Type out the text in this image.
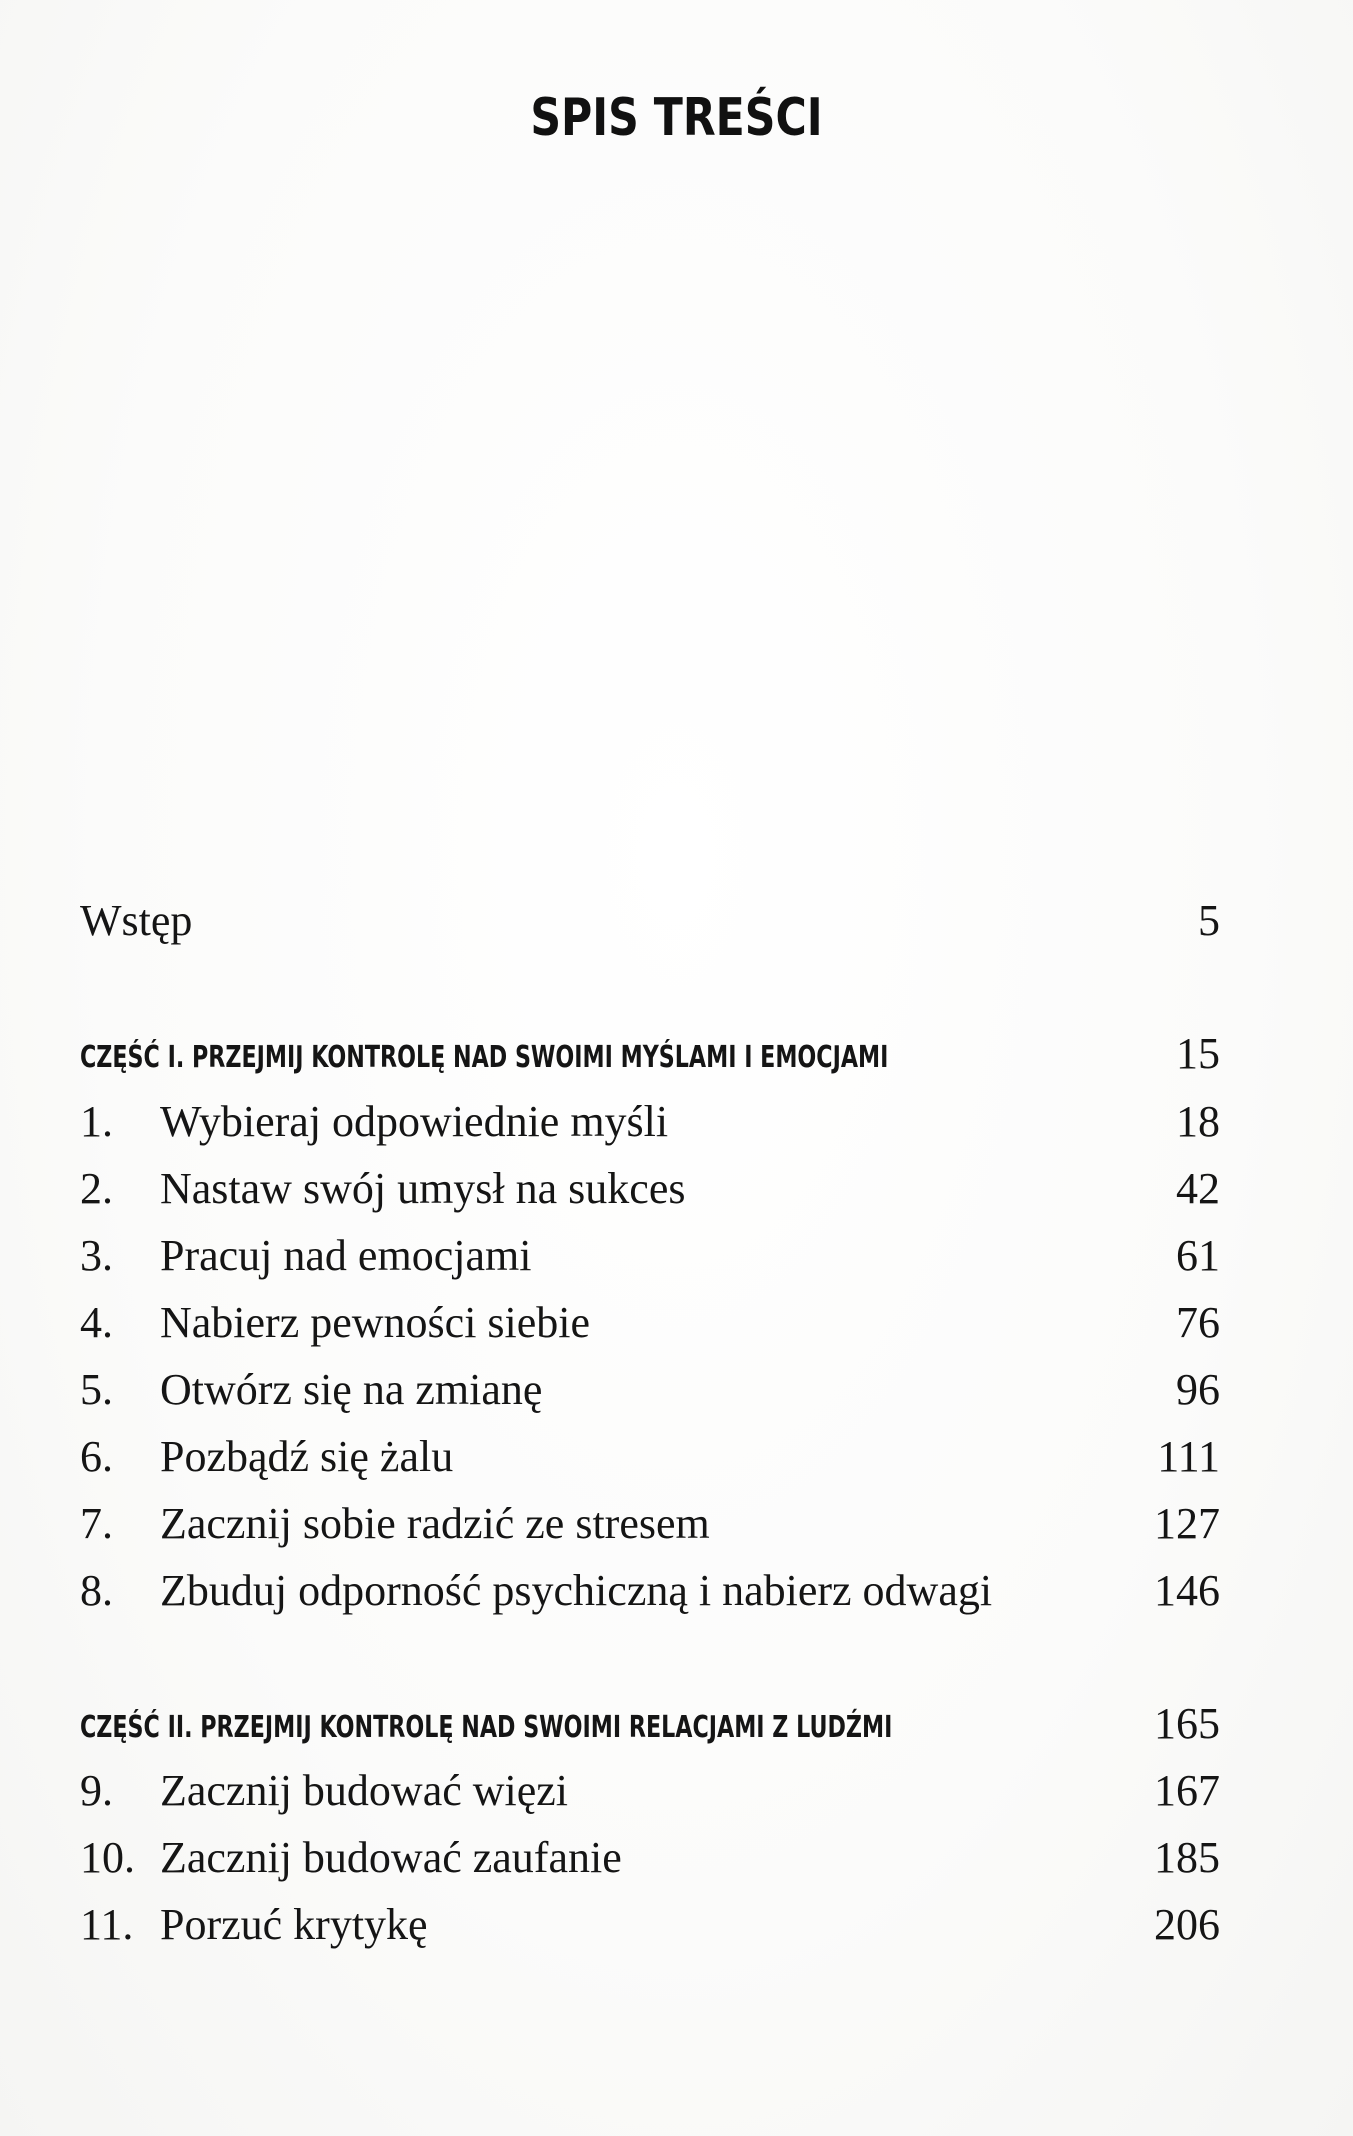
SPIS TREŚCI
Wstęp	5
CZĘŚĆ I. PRZEJMIJ KONTROLĘ NAD SWOIMI MYŚLAMI I EMOCJAMI	15
1. Wybieraj odpowiednie myśli	18
2. Nastaw swój umysł na sukces	42
3. Pracuj nad emocjami	61
4. Nabierz pewności siebie	76
5. Otwórz się na zmianę	96
6. Pozbądź się żalu	111
7. Zacznij sobie radzić ze stresem	127
8. Zbuduj odporność psychiczną i nabierz odwagi	146
CZĘŚĆ II. PRZEJMIJ KONTROLĘ NAD SWOIMI RELACJAMI Z LUDŹMI	165
9. Zacznij budować więzi	167
10. Zacznij budować zaufanie	185
11. Porzuć krytykę	206
